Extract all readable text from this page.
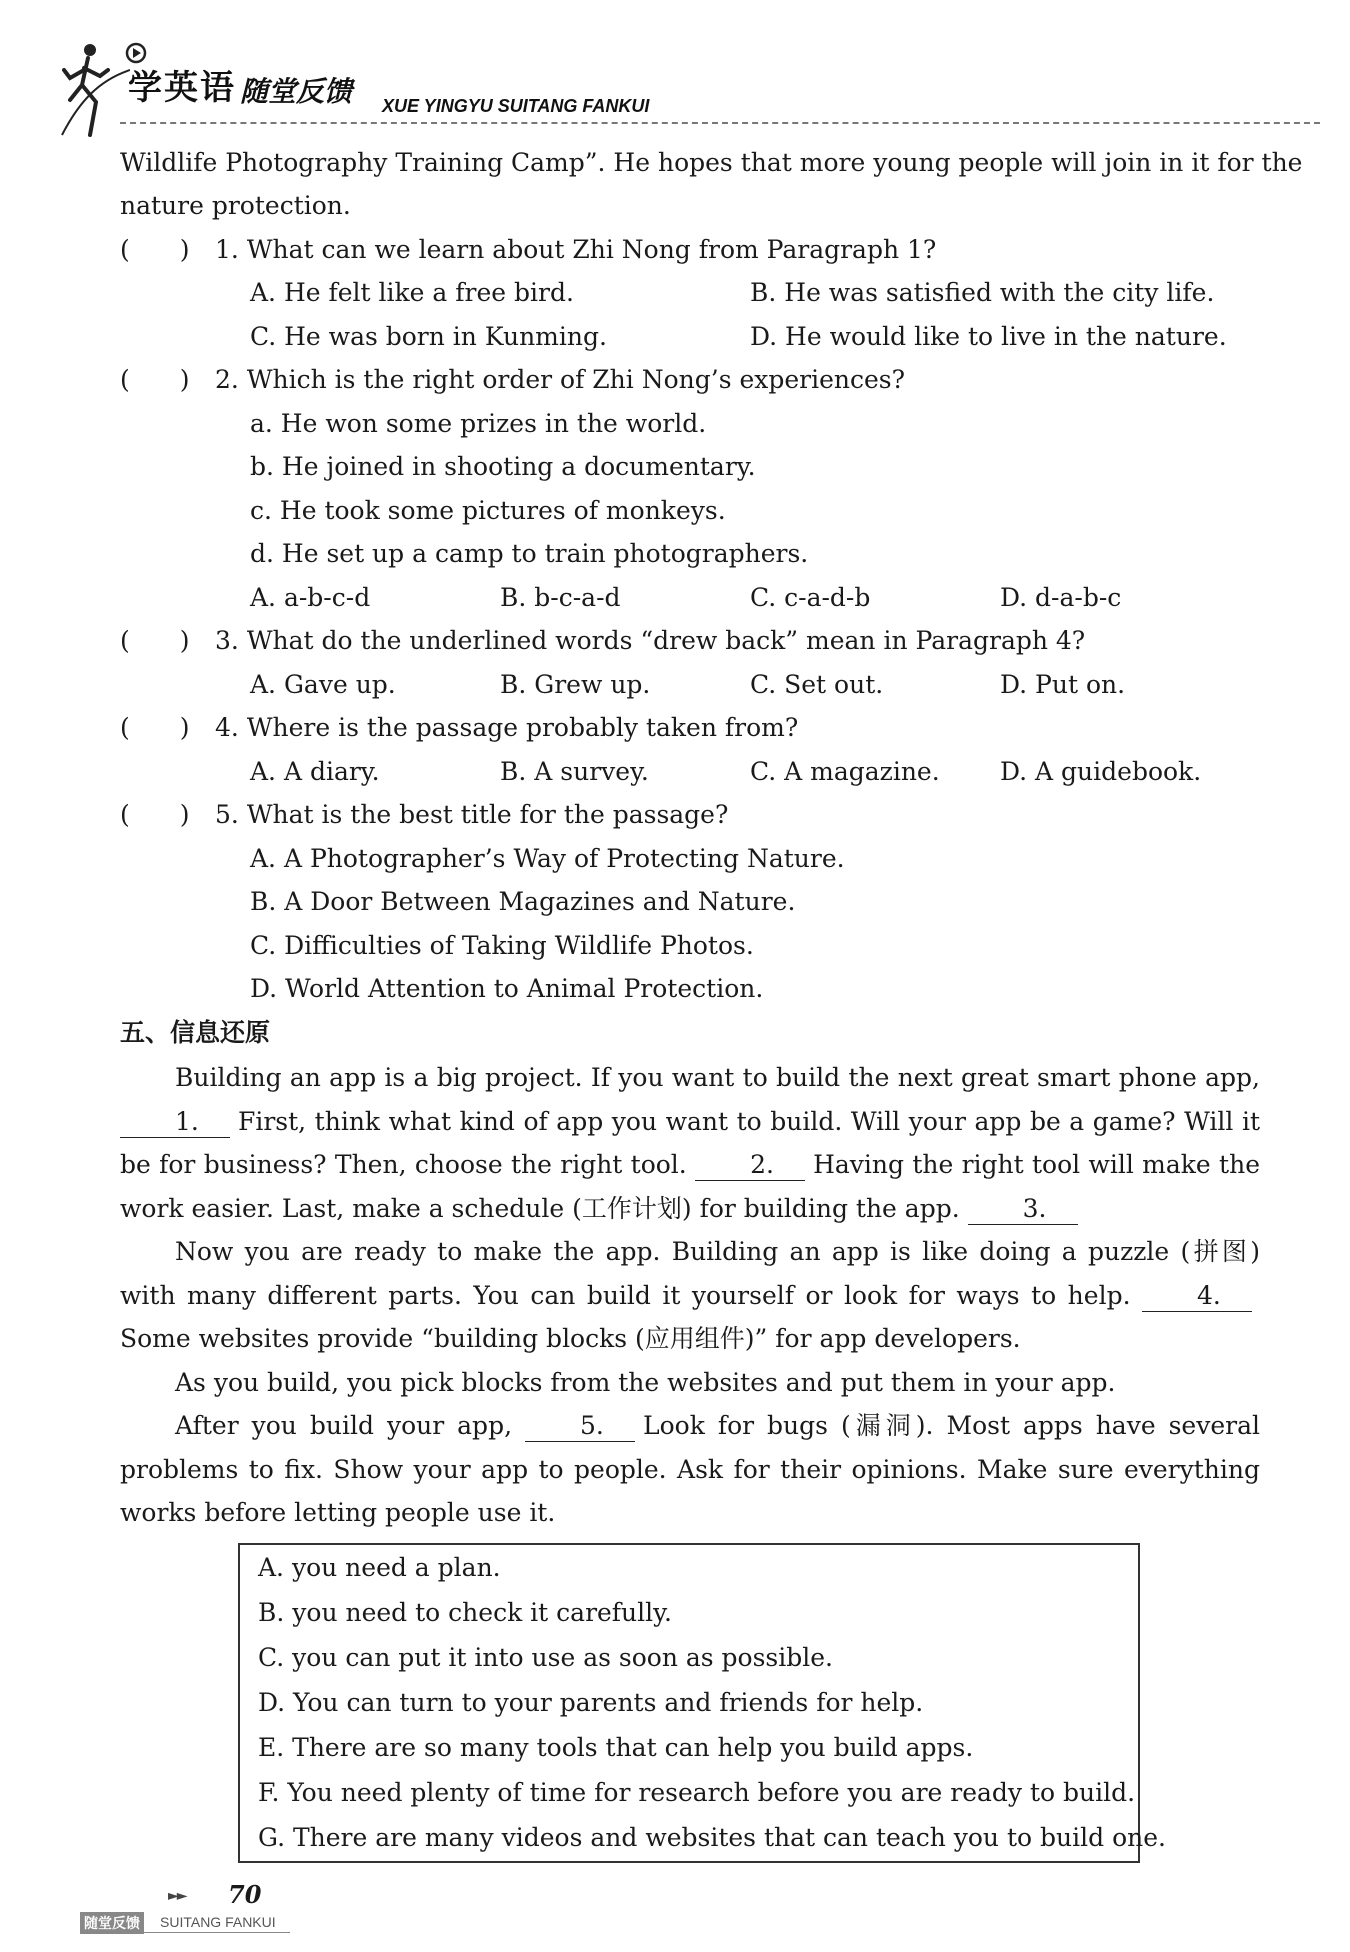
学英语 随堂反馈 XUE YINGYU SUITANG FANKUI
Wildlife Photography Training Camp”. He hopes that more young people will join in it for the
nature protection.
(　　) 1. What can we learn about Zhi Nong from Paragraph 1?
A. He felt like a free bird.	B. He was satisfied with the city life.
C. He was born in Kunming.	D. He would like to live in the nature.
(　　) 2. Which is the right order of Zhi Nong’s experiences?
a. He won some prizes in the world.
b. He joined in shooting a documentary.
c. He took some pictures of monkeys.
d. He set up a camp to train photographers.
A. a-b-c-d	B. b-c-a-d	C. c-a-d-b	D. d-a-b-c
(　　) 3. What do the underlined words “drew back” mean in Paragraph 4?
A. Gave up.	B. Grew up.	C. Set out.	D. Put on.
(　　) 4. Where is the passage probably taken from?
A. A diary.	B. A survey.	C. A magazine. D. A guidebook.
(　　) 5. What is the best title for the passage?
A. A Photographer’s Way of Protecting Nature.
B. A Door Between Magazines and Nature.
C. Difficulties of Taking Wildlife Photos.
D. World Attention to Animal Protection.
五、信息还原
Building an app is a big project. If you want to build the next great smart phone app, 1. First, think what kind of app you want to build. Will your app be a game? Will it be for business? Then, choose the right tool.	2. Having the right tool will make the work easier. Last, make a schedule (工作计划) for building the app.	3.
Now you are ready to make the app. Building an app is like doing a puzzle (拼图) with many different parts. You can build it yourself or look for ways to help.	4.Some websites provide “building blocks (应用组件)” for app developers.
As you build, you pick blocks from the websites and put them in your app.
After you build your app,	5. Look for bugs (漏洞). Most apps have several problems to fix. Show your app to people. Ask for their opinions. Make sure everything works before letting people use it.
A. you need a plan.
B. you need to check it carefully.
C. you can put it into use as soon as possible.
D. You can turn to your parents and friends for help.
E. There are so many tools that can help you build apps.
F. You need plenty of time for research before you are ready to build.
G. There are many videos and websites that can teach you to build one.
►► 70
随堂反馈 SUITANG FANKUI
